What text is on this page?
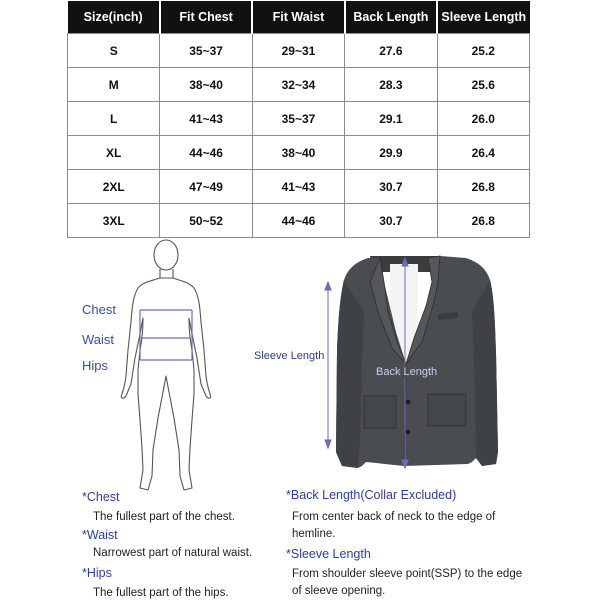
Size(inch)	Fit Chest	Fit Waist	Back Length	Sleeve Length
S	35~37	29~31	27.6	25.2
M	38~40	32~34	28.3	25.6
L	41~43	35~37	29.1	26.0
XL	44~46	38~40	29.9	26.4
2XL	47~49	41~43	30.7	26.8
3XL	50~52	44~46	30.7	26.8
Chest
Waist
Hips
Sleeve Length
Back Length
*Chest
The fullest part of the chest.
*Waist
Narrowest part of natural waist.
*Hips
The fullest part of the hips.
*Back Length(Collar Excluded)
From center back of neck to the edge of hemline.
*Sleeve Length
From shoulder sleeve point(SSP) to the edge of sleeve opening.
